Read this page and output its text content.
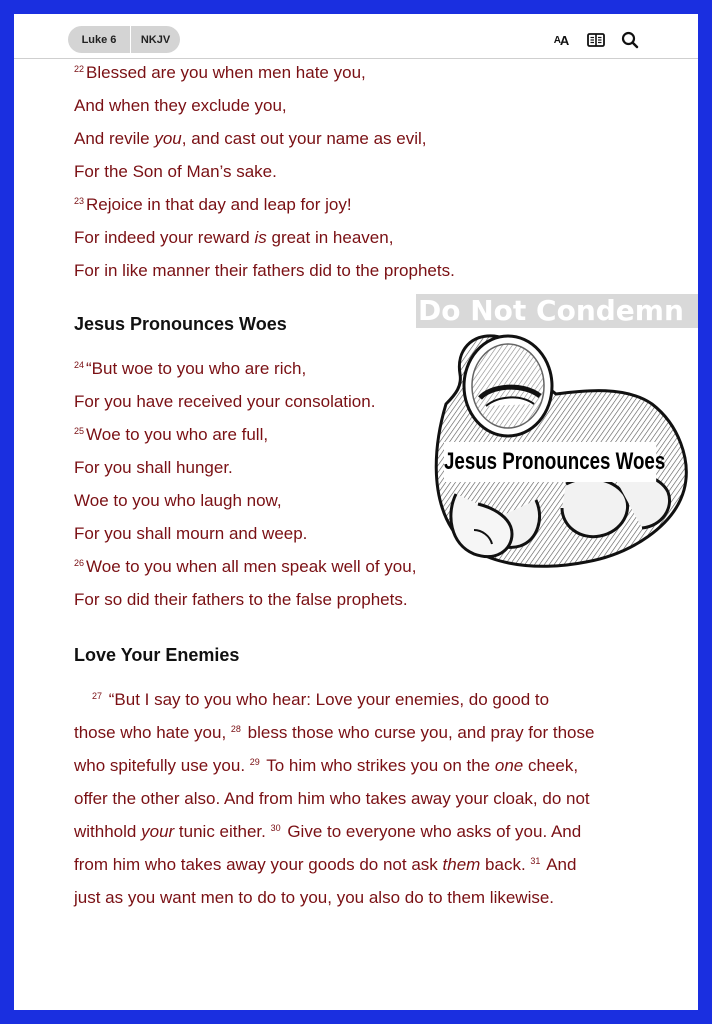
Luke 6	NKJV	A A
$^{22}$ Blessed are you when men hate you,
And when they exclude you,
And revile you, and cast out your name as evil,
For the Son of Man’s sake.
$^{23}$ Rejoice in that day and leap for joy!
For indeed your reward is great in heaven,
For in like manner their fathers did to the prophets.
Jesus Pronounces Woes
$^{24}$ “But woe to you who are rich,
For you have received your consolation.
$^{25}$ Woe to you who are full,
For you shall hunger.
Woe to you who laugh now,
For you shall mourn and weep.
$^{26}$ Woe to you when all men speak well of you,
For so did their fathers to the false prophets.
Love Your Enemies
$^{27}$ “But I say to you who hear: Love your enemies, do good to
those who hate you, $^{28}$ bless those who curse you, and pray for those
who spitefully use you. $^{29}$ To him who strikes you on the one cheek,
offer the other also. And from him who takes away your cloak, do not
withhold your tunic either. $^{30}$ Give to everyone who asks of you. And
from him who takes away your goods do not ask them back. $^{31}$ And
just as you want men to do to you, you also do to them likewise.
Do Not Condemn
Jesus Pronounces Woes
